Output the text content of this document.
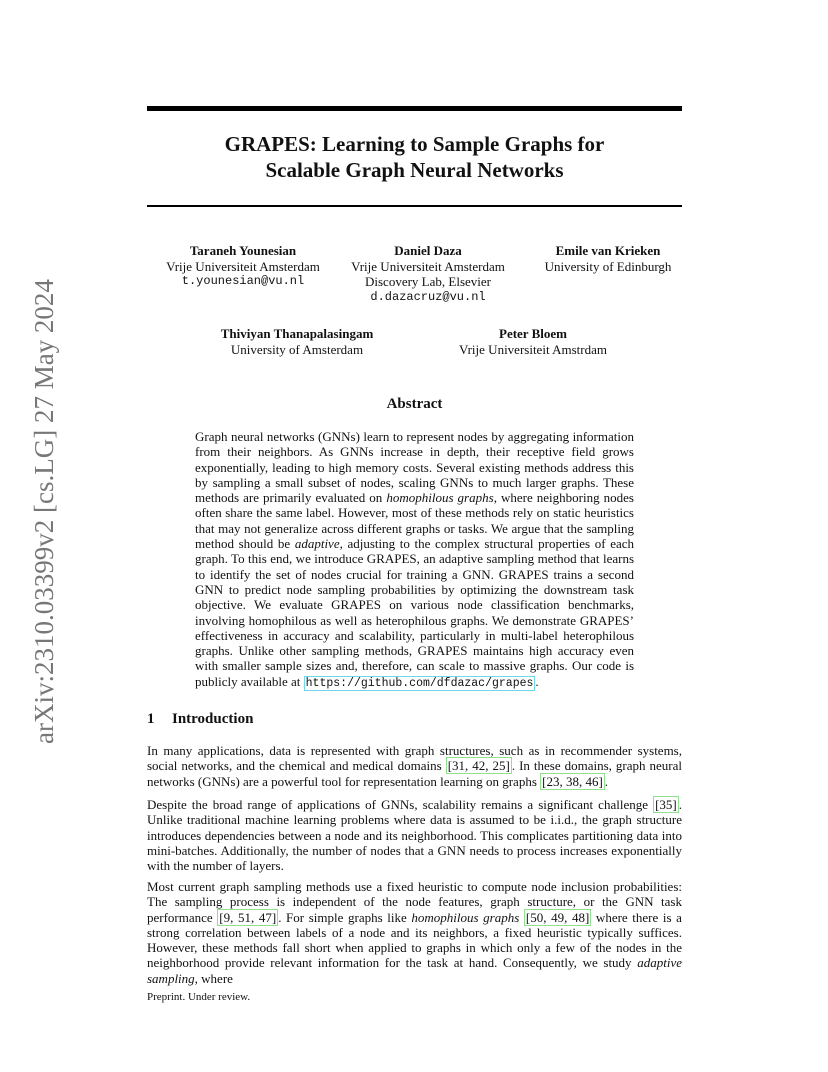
arXiv:2310.03399v2 [cs.LG] 27 May 2024
GRAPES: Learning to Sample Graphs for
Scalable Graph Neural Networks
Taraneh Younesian
Vrije Universiteit Amsterdam
t.younesian@vu.nl
Daniel Daza
Vrije Universiteit Amsterdam
Discovery Lab, Elsevier
d.dazacruz@vu.nl
Emile van Krieken
University of Edinburgh
Thiviyan Thanapalasingam
University of Amsterdam
Peter Bloem
Vrije Universiteit Amstrdam
Abstract
Graph neural networks (GNNs) learn to represent nodes by aggregating information from their neighbors. As GNNs increase in depth, their receptive field grows exponentially, leading to high memory costs. Several existing methods address this by sampling a small subset of nodes, scaling GNNs to much larger graphs. These methods are primarily evaluated on homophilous graphs, where neighboring nodes often share the same label. However, most of these methods rely on static heuristics that may not generalize across different graphs or tasks. We argue that the sampling method should be adaptive, adjusting to the complex structural properties of each graph. To this end, we introduce GRAPES, an adaptive sampling method that learns to identify the set of nodes crucial for training a GNN. GRAPES trains a second GNN to predict node sampling probabilities by optimizing the downstream task objective. We evaluate GRAPES on various node classification benchmarks, involving homophilous as well as heterophilous graphs. We demonstrate GRAPES’ effectiveness in accuracy and scalability, particularly in multi-label heterophilous graphs. Unlike other sampling methods, GRAPES maintains high accuracy even with smaller sample sizes and, therefore, can scale to massive graphs. Our code is publicly available at https://github.com/dfdazac/grapes .
1 Introduction
In many applications, data is represented with graph structures, such as in recommender systems, social networks, and the chemical and medical domains [31, 42, 25] . In these domains, graph neural networks (GNNs) are a powerful tool for representation learning on graphs [23, 38, 46] .
Despite the broad range of applications of GNNs, scalability remains a significant challenge [35] . Unlike traditional machine learning problems where data is assumed to be i.i.d., the graph structure introduces dependencies between a node and its neighborhood. This complicates partitioning data into mini-batches. Additionally, the number of nodes that a GNN needs to process increases exponentially with the number of layers.
Most current graph sampling methods use a fixed heuristic to compute node inclusion probabilities: The sampling process is independent of the node features, graph structure, or the GNN task performance [9, 51, 47] . For simple graphs like homophilous graphs [50, 49, 48] where there is a strong correlation between labels of a node and its neighbors, a fixed heuristic typically suffices. However, these methods fall short when applied to graphs in which only a few of the nodes in the neighborhood provide relevant information for the task at hand. Consequently, we study adaptive sampling, where
Preprint. Under review.
